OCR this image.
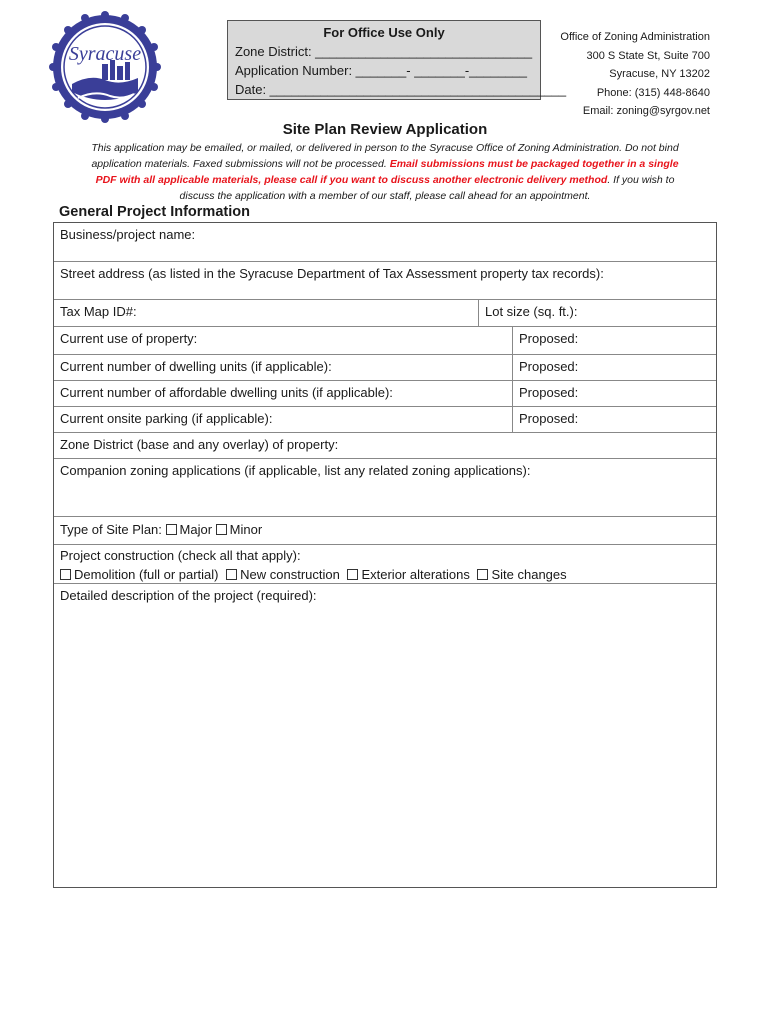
Syracuse
For Office Use Only
Zone District: ______________________________
Application Number: _______- _______-________
Date: _________________________________________
Office of Zoning Administration
300 S State St, Suite 700
Syracuse, NY 13202
Phone: (315) 448-8640
Email: zoning@syrgov.net
Site Plan Review Application
This application may be emailed, or mailed, or delivered in person to the Syracuse Office of Zoning Administration. Do not bind application materials. Faxed submissions will not be processed. Email submissions must be packaged together in a single PDF with all applicable materials, please call if you want to discuss another electronic delivery method. If you wish to discuss the application with a member of our staff, please call ahead for an appointment.
General Project Information
Business/project name:
Street address (as listed in the Syracuse Department of Tax Assessment property tax records):
Tax Map ID#:	Lot size (sq. ft.):
Current use of property:	Proposed:
Current number of dwelling units (if applicable):	Proposed:
Current number of affordable dwelling units (if applicable):	Proposed:
Current onsite parking (if applicable):	Proposed:
Zone District (base and any overlay) of property:
Companion zoning applications (if applicable, list any related zoning applications):
Type of Site Plan: Major Minor
Project construction (check all that apply):
Demolition (full or partial) New construction Exterior alterations Site changes
Detailed description of the project (required):
